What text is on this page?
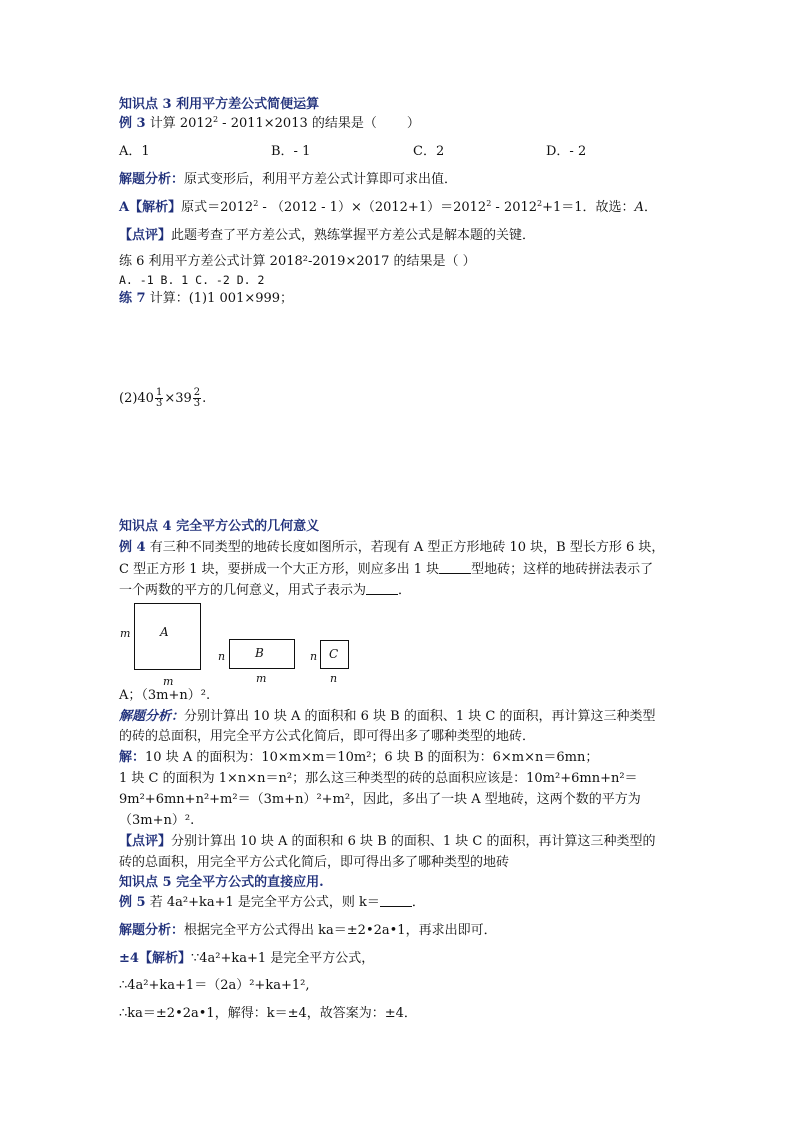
知识点 3 利用平方差公式简便运算
例 3 计算 2012$^2$ - 2011×2013 的结果是（ ）
A．1	B．- 1	C．2	D．- 2
解题分析：原式变形后，利用平方差公式计算即可求出值．
A【解析】原式$=2012^2 - (2012 - 1)\times(2012+1)=2012^2 - 2012^2+1=1$．故选：A．
【点评】此题考查了平方差公式，熟练掌握平方差公式是解本题的关键．
练 6 利用平方差公式计算 2018²-2019×2017 的结果是（ ）
A. -1 B. 1 C. -2 D. 2
练 7 计算：(1)1 001×999；
$(2)40 \frac{1}{3} \times 39 \frac{2}{3}$ .
知识点 4 完全平方公式的几何意义
例 4 有三种不同类型的地砖长度如图所示，若现有 A 型正方形地砖 10 块，B 型长方形 6 块，
C 型正方形 1 块，要拼成一个大正方形，则应多出 1 块 型地砖；这样的地砖拼法表示了
一个两数的平方的几何意义，用式子表示为 ．
A
m
m
B
n
m
C
n
n
A；（3m+n）².
解题分析：分别计算出 10 块 A 的面积和 6 块 B 的面积、1 块 C 的面积，再计算这三种类型
的砖的总面积，用完全平方公式化简后，即可得出多了哪种类型的地砖．
解：10 块 A 的面积为：10×m×m＝10m²；6 块 B 的面积为：6×m×n＝6mn；
1 块 C 的面积为 1×n×n＝n²；那么这三种类型的砖的总面积应该是：10m²+6mn+n²＝
9m²+6mn+n²+m²＝（3m+n）²+m²，因此，多出了一块 A 型地砖，这两个数的平方为
（3m+n）².
【点评】分别计算出 10 块 A 的面积和 6 块 B 的面积、1 块 C 的面积，再计算这三种类型的
砖的总面积，用完全平方公式化简后，即可得出多了哪种类型的地砖
知识点 5 完全平方公式的直接应用.
例 5 若 4a²+ka+1 是完全平方公式，则 k＝ ．
解题分析：根据完全平方公式得出 ka＝±2•2a•1，再求出即可．
±4【解析】∵4a²+ka+1 是完全平方公式，
∴4a²+ka+1＝（2a）²+ka+1²,
∴ka＝±2•2a•1，解得：k＝±4，故答案为：±4．
